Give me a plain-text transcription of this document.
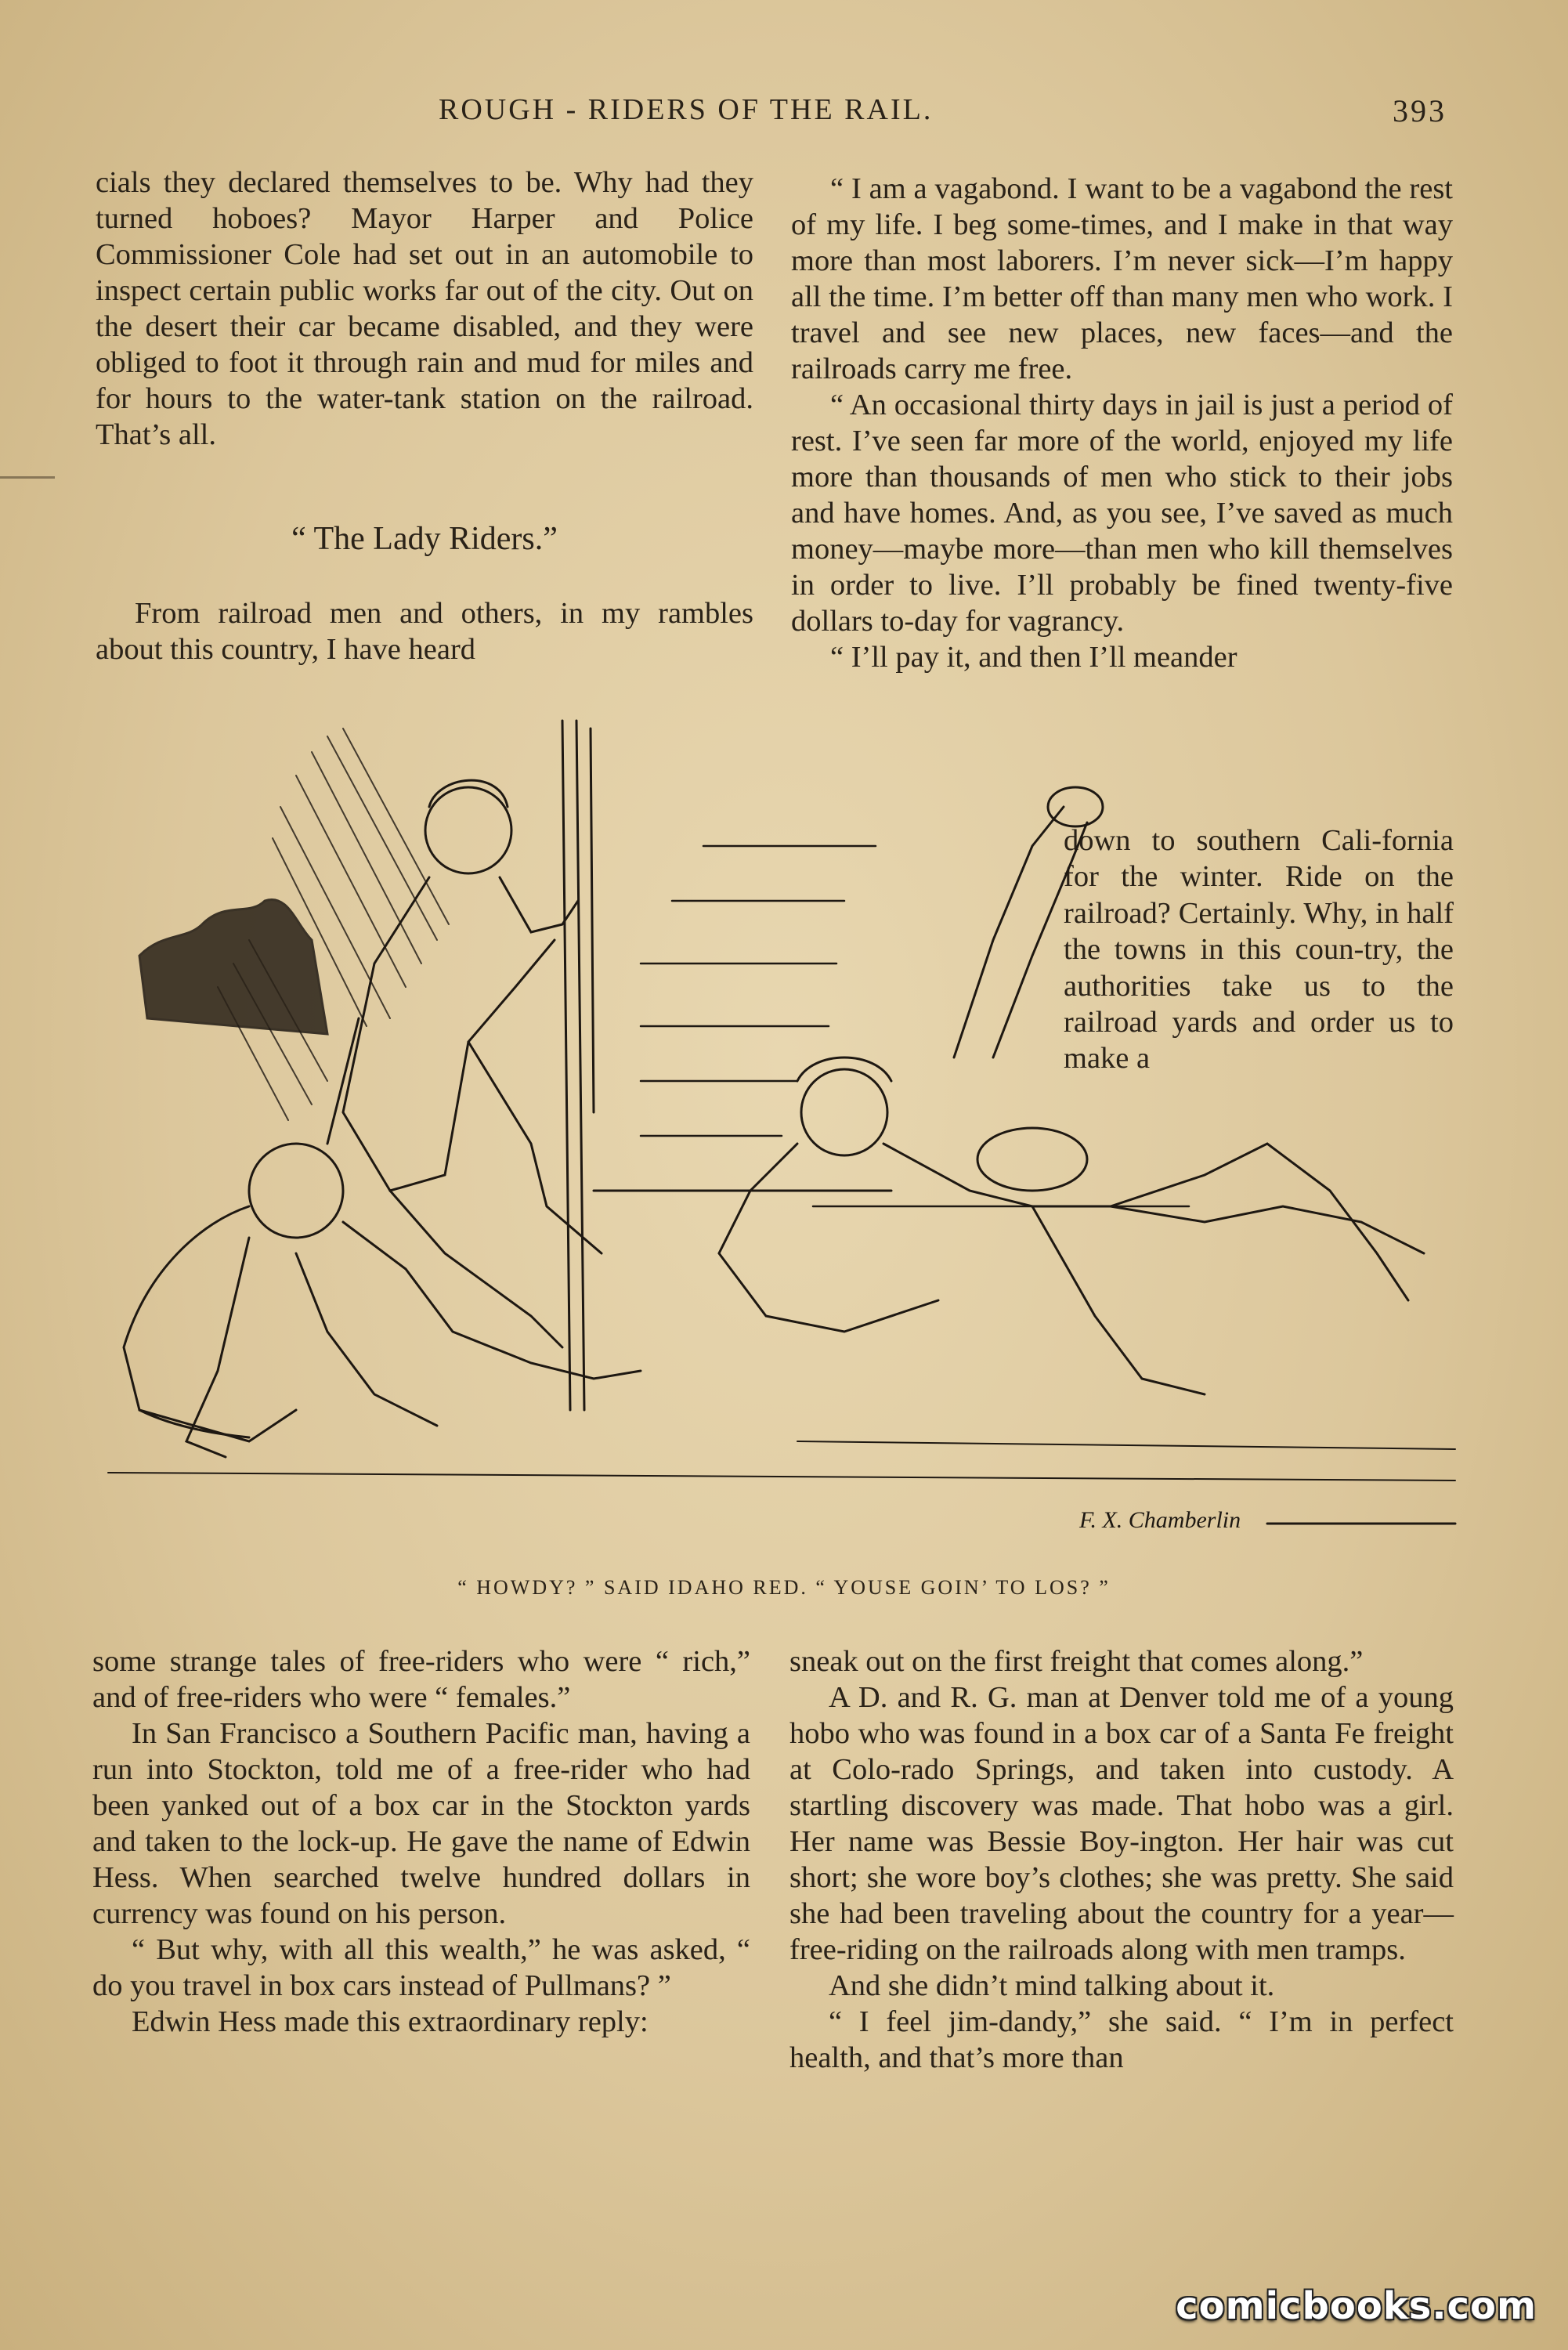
ROUGH - RIDERS OF THE RAIL.	393

cials they declared themselves to be. Why had they turned hoboes? Mayor Harper and Police Commissioner Cole had set out in an automobile to inspect certain public works far out of the city. Out on the desert their car became disabled, and they were obliged to foot it through rain and mud for miles and for hours to the water-tank station on the railroad. That’s all.

“ The Lady Riders.”

From railroad men and others, in my rambles about this country, I have heard

“ I am a vagabond. I want to be a vagabond the rest of my life. I beg some-times, and I make in that way more than most laborers. I’m never sick—I’m happy all the time. I’m better off than many men who work. I travel and see new places, new faces—and the railroads carry me free.

“ An occasional thirty days in jail is just a period of rest. I’ve seen far more of the world, enjoyed my life more than thousands of men who stick to their jobs and have homes. And, as you see, I’ve saved as much money—maybe more—than men who kill themselves in order to live. I’ll probably be fined twenty-five dollars to-day for vagrancy.

“ I’ll pay it, and then I’ll meander

down to southern Cali-fornia for the winter. Ride on the railroad? Certainly. Why, in half the towns in this coun-try, the authorities take us to the railroad yards and order us to make a

F. X. Chamberlin
“ HOWDY? ” SAID IDAHO RED. “ YOUSE GOIN’ TO LOS? ”

some strange tales of free-riders who were “ rich,” and of free-riders who were “ females.”

In San Francisco a Southern Pacific man, having a run into Stockton, told me of a free-rider who had been yanked out of a box car in the Stockton yards and taken to the lock-up. He gave the name of Edwin Hess. When searched twelve hundred dollars in currency was found on his person.

“ But why, with all this wealth,” he was asked, “ do you travel in box cars instead of Pullmans? ”

Edwin Hess made this extraordinary reply:

sneak out on the first freight that comes along.”

A D. and R. G. man at Denver told me of a young hobo who was found in a box car of a Santa Fe freight at Colo-rado Springs, and taken into custody. A startling discovery was made. That hobo was a girl. Her name was Bessie Boy-ington. Her hair was cut short; she wore boy’s clothes; she was pretty. She said she had been traveling about the country for a year—free-riding on the railroads along with men tramps.

And she didn’t mind talking about it.

“ I feel jim-dandy,” she said. “ I’m in perfect health, and that’s more than

comicbooks.com
